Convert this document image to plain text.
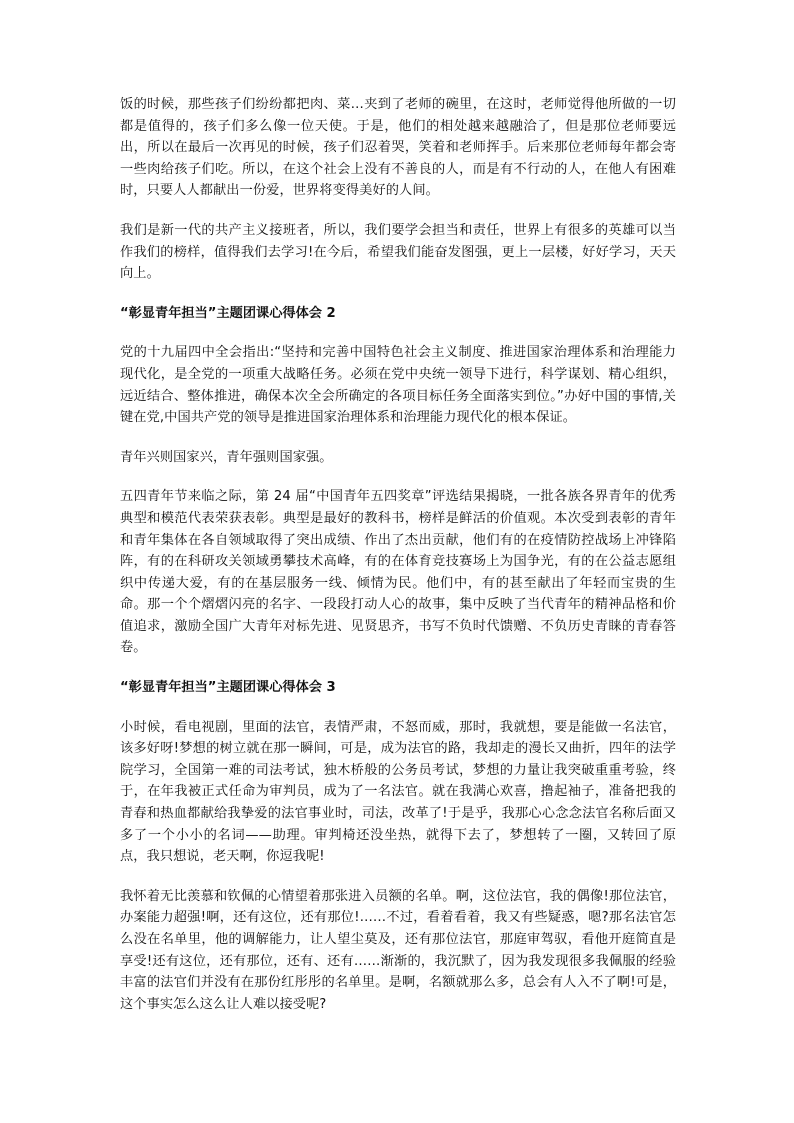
饭的时候，那些孩子们纷纷都把肉、菜…夹到了老师的碗里，在这时，老师觉得他所做的一切都是值得的，孩子们多么像一位天使。于是，他们的相处越来越融洽了，但是那位老师要远出，所以在最后一次再见的时候，孩子们忍着哭，笑着和老师挥手。后来那位老师每年都会寄一些肉给孩子们吃。所以，在这个社会上没有不善良的人，而是有不行动的人，在他人有困难时，只要人人都献出一份爱，世界将变得美好的人间。

我们是新一代的共产主义接班者，所以，我们要学会担当和责任，世界上有很多的英雄可以当作我们的榜样，值得我们去学习!在今后，希望我们能奋发图强，更上一层楼，好好学习，天天向上。

“彰显青年担当”主题团课心得体会 2

党的十九届四中全会指出:“坚持和完善中国特色社会主义制度、推进国家治理体系和治理能力现代化，是全党的一项重大战略任务。必须在党中央统一领导下进行，科学谋划、精心组织，远近结合、整体推进，确保本次全会所确定的各项目标任务全面落实到位。”办好中国的事情,关键在党,中国共产党的领导是推进国家治理体系和治理能力现代化的根本保证。

青年兴则国家兴，青年强则国家强。

五四青年节来临之际，第 24 届“中国青年五四奖章”评选结果揭晓，一批各族各界青年的优秀典型和模范代表荣获表彰。典型是最好的教科书，榜样是鲜活的价值观。本次受到表彰的青年和青年集体在各自领域取得了突出成绩、作出了杰出贡献，他们有的在疫情防控战场上冲锋陷阵，有的在科研攻关领域勇攀技术高峰，有的在体育竞技赛场上为国争光，有的在公益志愿组织中传递大爱，有的在基层服务一线、倾情为民。他们中，有的甚至献出了年轻而宝贵的生命。那一个个熠熠闪亮的名字、一段段打动人心的故事，集中反映了当代青年的精神品格和价值追求，激励全国广大青年对标先进、见贤思齐，书写不负时代馈赠、不负历史青睐的青春答卷。

“彰显青年担当”主题团课心得体会 3

小时候，看电视剧，里面的法官，表情严肃，不怒而威，那时，我就想，要是能做一名法官，该多好呀!梦想的树立就在那一瞬间，可是，成为法官的路，我却走的漫长又曲折，四年的法学院学习，全国第一难的司法考试，独木桥般的公务员考试，梦想的力量让我突破重重考验，终于，在年我被正式任命为审判员，成为了一名法官。就在我满心欢喜，撸起袖子，准备把我的青春和热血都献给我挚爱的法官事业时，司法，改革了!于是乎，我那心心念念法官名称后面又多了一个小小的名词——助理。审判椅还没坐热，就得下去了，梦想转了一圈，又转回了原点，我只想说，老天啊，你逗我呢!

我怀着无比羡慕和钦佩的心情望着那张进入员额的名单。啊，这位法官，我的偶像!那位法官，办案能力超强!啊，还有这位，还有那位!……不过，看着看着，我又有些疑惑，嗯?那名法官怎么没在名单里，他的调解能力，让人望尘莫及，还有那位法官，那庭审驾驭，看他开庭简直是享受!还有这位，还有那位，还有、还有……渐渐的，我沉默了，因为我发现很多我佩服的经验丰富的法官们并没有在那份红彤彤的名单里。是啊，名额就那么多，总会有人入不了啊!可是，这个事实怎么这么让人难以接受呢?
